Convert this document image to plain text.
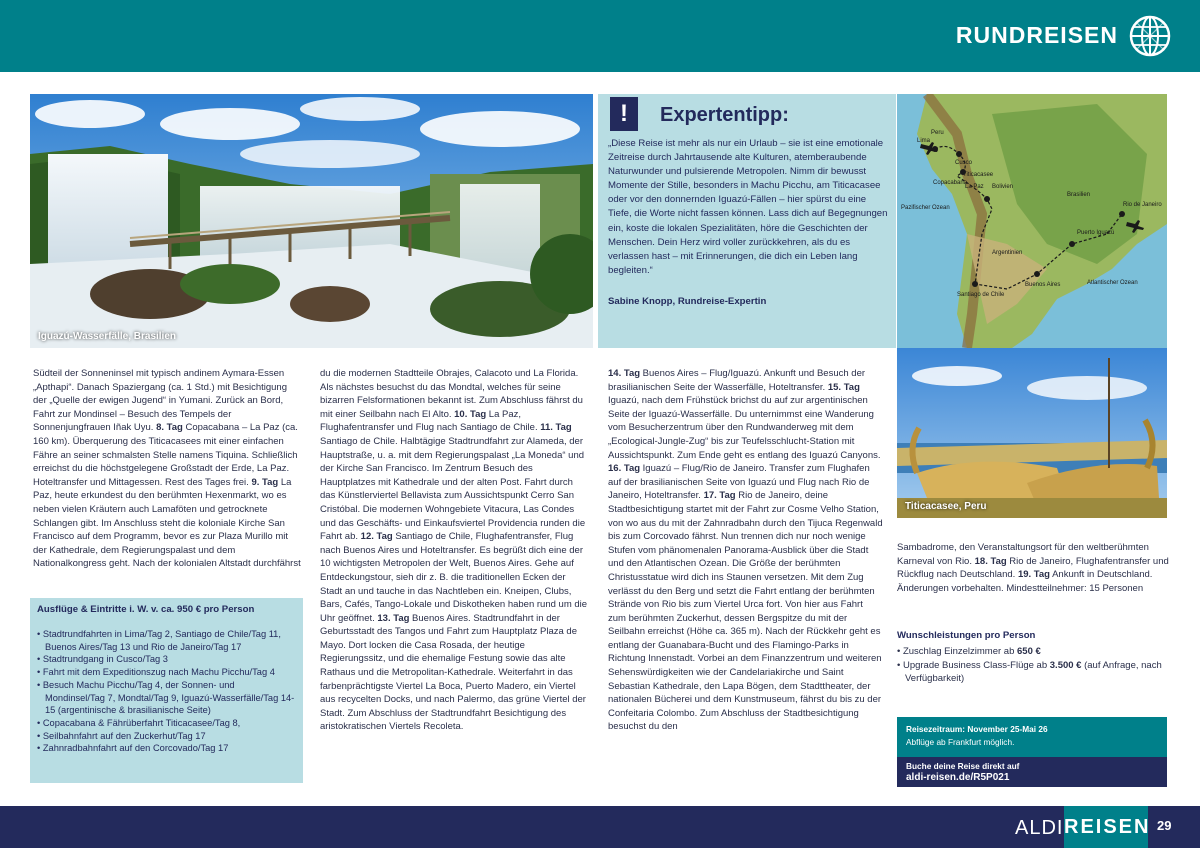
RUNDREISEN
Iguazú-Wasserfälle, Brasilien
!	Expertentipp:
„Diese Reise ist mehr als nur ein Urlaub – sie ist eine emotionale Zeitreise durch Jahrtausende alte Kulturen, atemberaubende Naturwunder und pulsierende Metropolen. Nimm dir bewusst Momente der Stille, besonders in Machu Picchu, am Titicacasee oder vor den donnernden Iguazú-Fällen – hier spürst du eine Tiefe, die Worte nicht fassen können. Lass dich auf Begegnungen ein, koste die lokalen Spezialitäten, höre die Geschichten der Menschen. Dein Herz wird voller zurückkehren, als du es verlassen hast – mit Erinnerungen, die dich ein Leben lang begleiten.“
Sabine Knopp, Rundreise-Expertin
Lima
Peru
Cusco
Titicacasee
Copacabana
La Paz Bolivien
Brasilien
Pazifischer Ozean
Puerto Iguazú
Rio de Janeiro
Argentinien
Santiago de Chile
Buenos Aires	Atlantischer Ozean
Titicacasee, Peru
Südteil der Sonneninsel mit typisch andinem Aymara-Essen „Apthapi“. Danach Spaziergang (ca. 1 Std.) mit Besichtigung der „Quelle der ewigen Jugend“ in Yumani. Zurück an Bord, Fahrt zur Mondinsel – Besuch des Tempels der Sonnenjungfrauen Iñak Uyu. 8. Tag Copacabana – La Paz (ca. 160 km). Überquerung des Titicacasees mit einer einfachen Fähre an seiner schmalsten Stelle namens Tiquina. Schließlich erreichst du die höchstgelegene Großstadt der Erde, La Paz. Hoteltransfer und Mittagessen. Rest des Tages frei. 9. Tag La Paz, heute erkundest du den berühmten Hexenmarkt, wo es neben vielen Kräutern auch Lamaföten und getrocknete Schlangen gibt. Im Anschluss steht die koloniale Kirche San Francisco auf dem Programm, bevor es zur Plaza Murillo mit der Kathedrale, dem Regierungspalast und dem Nationalkongress geht. Nach der kolonialen Altstadt durchfährst
du die modernen Stadtteile Obrajes, Calacoto und La Florida. Als nächstes besuchst du das Mondtal, welches für seine bizarren Felsformationen bekannt ist. Zum Abschluss fährst du mit einer Seilbahn nach El Alto. 10. Tag La Paz, Flughafentransfer und Flug nach Santiago de Chile. 11. Tag Santiago de Chile. Halbtägige Stadtrundfahrt zur Alameda, der Hauptstraße, u. a. mit dem Regierungspalast „La Moneda“ und der Kirche San Francisco. Im Zentrum Besuch des Hauptplatzes mit Kathedrale und der alten Post. Fahrt durch das Künstlerviertel Bellavista zum Aussichtspunkt Cerro San Cristóbal. Die modernen Wohngebiete Vitacura, Las Condes und das Geschäfts- und Einkaufsviertel Providencia runden die Fahrt ab. 12. Tag Santiago de Chile, Flughafentransfer, Flug nach Buenos Aires und Hoteltransfer. Es begrüßt dich eine der 10 wichtigsten Metropolen der Welt, Buenos Aires. Gehe auf Entdeckungstour, sieh dir z. B. die traditionellen Ecken der Stadt an und tauche in das Nachtleben ein. Kneipen, Clubs, Bars, Cafés, Tango-Lokale und Diskotheken haben rund um die Uhr geöffnet. 13. Tag Buenos Aires. Stadtrundfahrt in der Geburtsstadt des Tangos und Fahrt zum Hauptplatz Plaza de Mayo. Dort locken die Casa Rosada, der heutige Regierungssitz, und die ehemalige Festung sowie das alte Rathaus und die Metropolitan-Kathedrale. Weiterfahrt in das farbenprächtigste Viertel La Boca, Puerto Madero, ein Viertel aus recycelten Docks, und nach Palermo, das grüne Viertel der Stadt. Zum Abschluss der Stadtrundfahrt Besichtigung des aristokratischen Viertels Recoleta.
14. Tag Buenos Aires – Flug/Iguazú. Ankunft und Besuch der brasilianischen Seite der Wasserfälle, Hoteltransfer. 15. Tag Iguazú, nach dem Frühstück brichst du auf zur argentinischen Seite der Iguazú-Wasserfälle. Du unternimmst eine Wanderung vom Besucherzentrum über den Rundwanderweg mit dem „Ecological-Jungle-Zug“ bis zur Teufelsschlucht-Station mit Aussichtspunkt. Zum Ende geht es entlang des Iguazú Canyons. 16. Tag Iguazú – Flug/Rio de Janeiro. Transfer zum Flughafen auf der brasilianischen Seite von Iguazú und Flug nach Rio de Janeiro, Hoteltransfer. 17. Tag Rio de Janeiro, deine Stadtbesichtigung startet mit der Fahrt zur Cosme Velho Station, von wo aus du mit der Zahnradbahn durch den Tijuca Regenwald bis zum Corcovado fährst. Nun trennen dich nur noch wenige Stufen vom phänomenalen Panorama-Ausblick über die Stadt und den Atlantischen Ozean. Die Größe der berühmten Christusstatue wird dich ins Staunen versetzen. Mit dem Zug verlässt du den Berg und setzt die Fahrt entlang der berühmten Strände von Rio bis zum Viertel Urca fort. Von hier aus Fahrt zum berühmten Zuckerhut, dessen Bergspitze du mit der Seilbahn erreichst (Höhe ca. 365 m). Nach der Rückkehr geht es entlang der Guanabara-Bucht und des Flamingo-Parks in Richtung Innenstadt. Vorbei an dem Finanzzentrum und weiteren Sehenswürdigkeiten wie der Candelariakirche und Saint Sebastian Kathedrale, den Lapa Bögen, dem Stadttheater, der nationalen Bücherei und dem Kunstmuseum, fährst du bis zu der Confeitaria Colombo. Zum Abschluss der Stadtbesichtigung besuchst du den
Sambadrome, den Veranstaltungsort für den weltberühmten Karneval von Rio. 18. Tag Rio de Janeiro, Flughafentransfer und Rückflug nach Deutschland. 19. Tag Ankunft in Deutschland. Änderungen vorbehalten. Mindestteilnehmer: 15 Personen
Ausflüge & Eintritte i. W. v. ca. 950 € pro Person
• Stadtrundfahrten in Lima/Tag 2, Santiago de Chile/Tag 11, Buenos Aires/Tag 13 und Rio de Janeiro/Tag 17
• Stadtrundgang in Cusco/Tag 3
• Fahrt mit dem Expeditionszug nach Machu Picchu/Tag 4
• Besuch Machu Picchu/Tag 4, der Sonnen- und Mondinsel/Tag 7, Mondtal/Tag 9, Iguazú-Wasserfälle/Tag 14-15 (argentinische & brasilianische Seite)
• Copacabana & Fährüberfahrt Titicacasee/Tag 8,
• Seilbahnfahrt auf den Zuckerhut/Tag 17
• Zahnradbahnfahrt auf den Corcovado/Tag 17
Wunschleistungen pro Person
• Zuschlag Einzelzimmer ab 650 €
• Upgrade Business Class-Flüge ab 3.500 € (auf Anfrage, nach Verfügbarkeit)
Reisezeitraum: November 25-Mai 26
Abflüge ab Frankfurt möglich.
Buche deine Reise direkt auf
aldi-reisen.de/R5P021
ALDI REISEN 29
